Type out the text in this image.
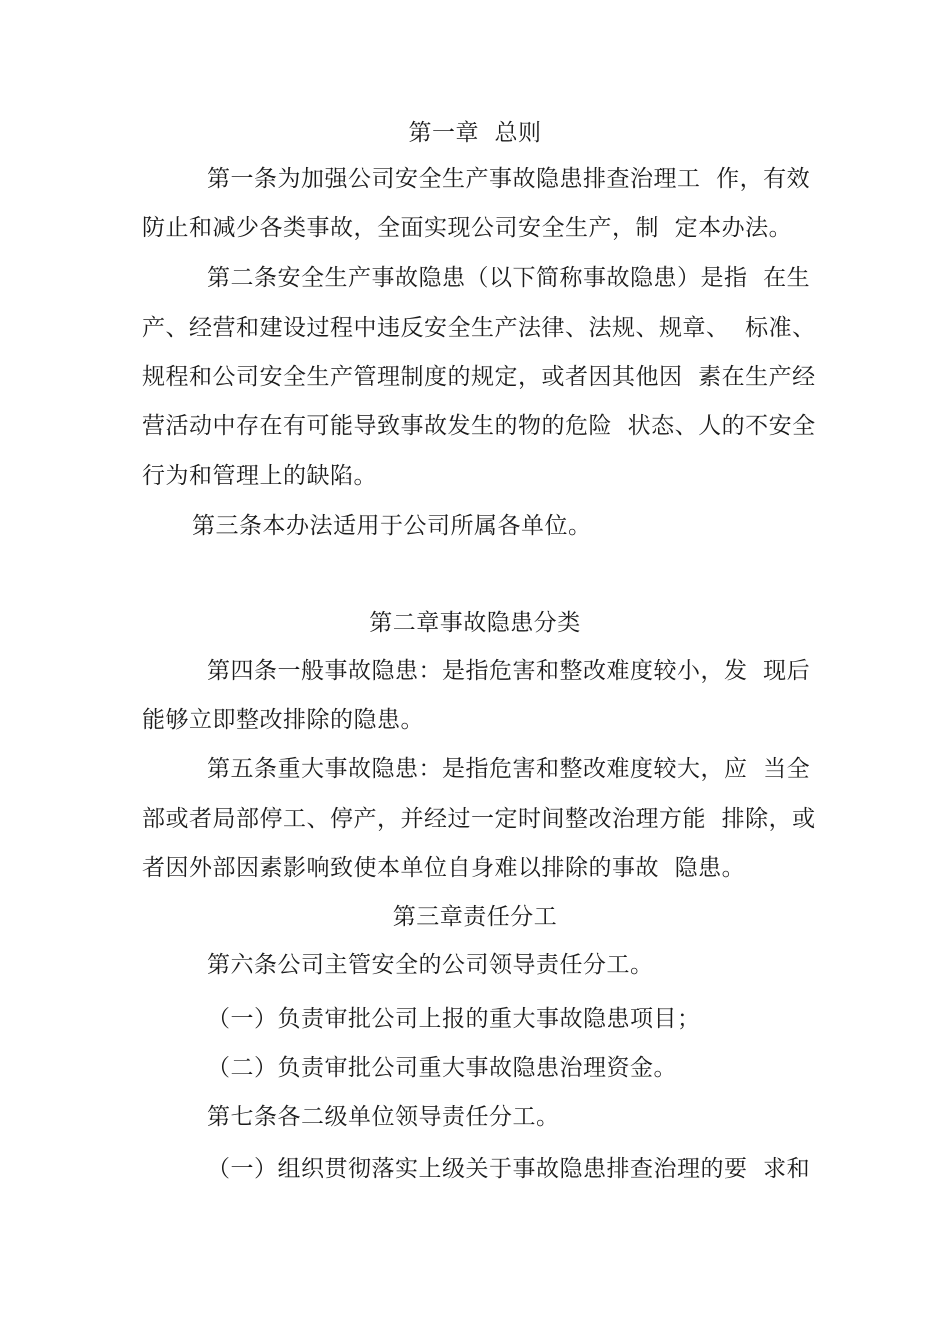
第一章  总则
第一条为加强公司安全生产事故隐患排查治理工  作，有效
防止和减少各类事故，全面实现公司安全生产，制  定本办法。
第二条安全生产事故隐患（以下简称事故隐患）是指  在生
产、经营和建设过程中违反安全生产法律、法规、规章、  标准、
规程和公司安全生产管理制度的规定，或者因其他因  素在生产经
营活动中存在有可能导致事故发生的物的危险  状态、人的不安全
行为和管理上的缺陷。
第三条本办法适用于公司所属各单位。
第二章事故隐患分类
第四条一般事故隐患：是指危害和整改难度较小，发  现后
能够立即整改排除的隐患。
第五条重大事故隐患：是指危害和整改难度较大，应  当全
部或者局部停工、停产，并经过一定时间整改治理方能  排除，或
者因外部因素影响致使本单位自身难以排除的事故  隐患。
第三章责任分工
第六条公司主管安全的公司领导责任分工。
（一）负责审批公司上报的重大事故隐患项目；
（二）负责审批公司重大事故隐患治理资金。
第七条各二级单位领导责任分工。
（一）组织贯彻落实上级关于事故隐患排查治理的要  求和
